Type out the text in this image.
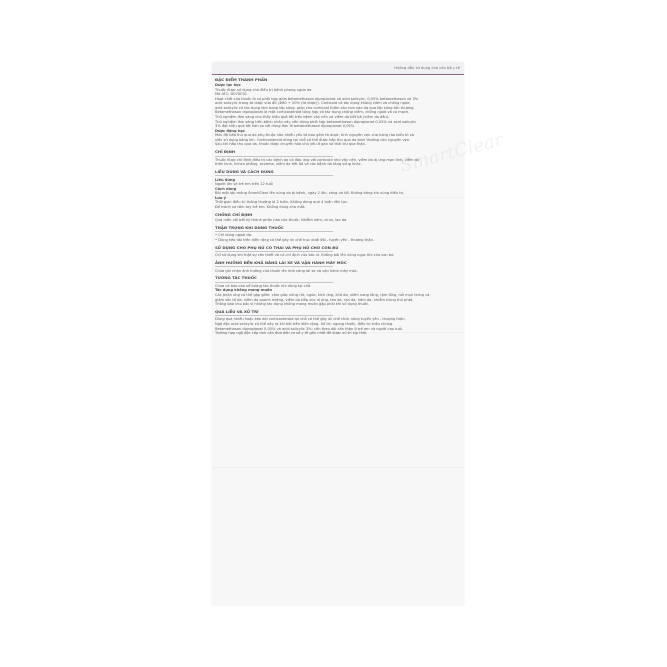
Hướng dẫn sử dụng cho cán bộ y tế
SmartClear
ĐẶC ĐIỂM THÀNH PHẦN

Dược lực học

Thuốc được sử dụng cho điều trị bệnh phong ngứa da.

Mã ATC: D07XC01

Hoạt chất của thuốc là sự phối hợp giữa betamethason dipropionat và acid salicylic, 0,05% betamethason và 3%

acid salicylic trong tá dược vừa đủ (#80 + 20% (tá dược)). Corticoid có tác dụng kháng viêm và chống ngứa,

acid salicylic có tác dụng làm bong lớp sừng, giúp cho corticoid thấm sâu hơn vào da qua lớp sừng tổn thương.

Betamethason dipropionat là một corticosteroid tổng hợp có tác dụng chống viêm, chống ngứa và co mạch.

Thử nghiệm lâm sàng cho thấy hiệu quả tốt trên bệnh vảy nến và viêm da tiết bã (viêm da dầu).

Thử nghiệm lâm sàng trên bệnh nhân vảy nến dùng phối hợp betamethason dipropionat 0,05% và acid salicylic

3% đạt hiệu quả tốt hơn so với dùng đơn lẻ betamethason dipropionat 0,05%.

Dược động học

Mức độ hấp thu qua da phụ thuộc vào nhiều yếu tố bao gồm tá dược, tính nguyên vẹn của hàng rào biểu bì và

việc sử dụng băng kín. Corticosteroid dùng tại chỗ có thể được hấp thu qua da bình thường còn nguyên vẹn.

Sau khi hấp thu qua da, thuốc được chuyển hóa chủ yếu ở gan và thải trừ qua thận.

CHỈ ĐỊNH

Thuốc được chỉ định điều trị các bệnh da có đáp ứng với corticoid như vảy nến, viêm da dị ứng mạn tính, viêm da

thần kinh, lichen phẳng, eczema, viêm da tiết bã và các bệnh da tăng sừng khác.

LIỀU DÙNG VÀ CÁCH DÙNG

Liều dùng

Người lớn và trẻ em trên 12 tuổi

Cách dùng

Bôi một lớp mỏng SmartClear lên vùng da bị bệnh, ngày 2 lần, sáng và tối. Không băng kín vùng điều trị.

Lưu ý

Thời gian điều trị thông thường là 2 tuần. Không dùng quá 4 tuần liên tục.

Để tránh xa tầm tay trẻ em. Không dùng cho mắt.

CHỐNG CHỈ ĐỊNH

Quá mẫn với bất kỳ thành phần nào của thuốc. Nhiễm nấm, virus, lao da.

THẬN TRỌNG KHI DÙNG THUỐC

• Chỉ dùng ngoài da.

• Dùng kéo dài trên diện rộng có thể gây ức chế trục dưới đồi - tuyến yên - thượng thận.

SỬ DỤNG CHO PHỤ NỮ CÓ THAI VÀ PHỤ NỮ CHO CON BÚ

Chỉ sử dụng khi thật sự cần thiết và có chỉ định của bác sĩ. Không bôi lên vùng ngực khi cho con bú.

ẢNH HƯỞNG ĐẾN KHẢ NĂNG LÁI XE VÀ VẬN HÀNH MÁY MÓC

Chưa ghi nhận ảnh hưởng của thuốc lên khả năng lái xe và vận hành máy móc.

TƯƠNG TÁC THUỐC

Chưa có báo cáo về tương tác thuốc khi dùng tại chỗ.

Tác dụng không mong muốn

Các phản ứng có thể gặp gồm: cảm giác nóng rát, ngứa, kích ứng, khô da, viêm nang lông, rậm lông, nổi mụn trứng cá,

giảm sắc tố da, viêm da quanh miệng, viêm da tiếp xúc dị ứng, teo da, rạn da, hăm da, nhiễm trùng thứ phát.

Thông báo cho bác sĩ những tác dụng không mong muốn gặp phải khi sử dụng thuốc.

QUÁ LIỀU VÀ XỬ TRÍ

Dùng quá nhiều hoặc kéo dài corticosteroid tại chỗ có thể gây ức chế chức năng tuyến yên - thượng thận.

Ngộ độc acid salicylic có thể xảy ra khi bôi trên diện rộng. Xử trí: ngưng thuốc, điều trị triệu chứng.

Betamethason dipropionat 0,05% và acid salicylic 3%: cần theo dõi cẩn thận ở trẻ em và người cao tuổi.

Trường hợp ngộ độc cấp tính cần đưa đến cơ sở y tế gần nhất để được xử trí kịp thời.
